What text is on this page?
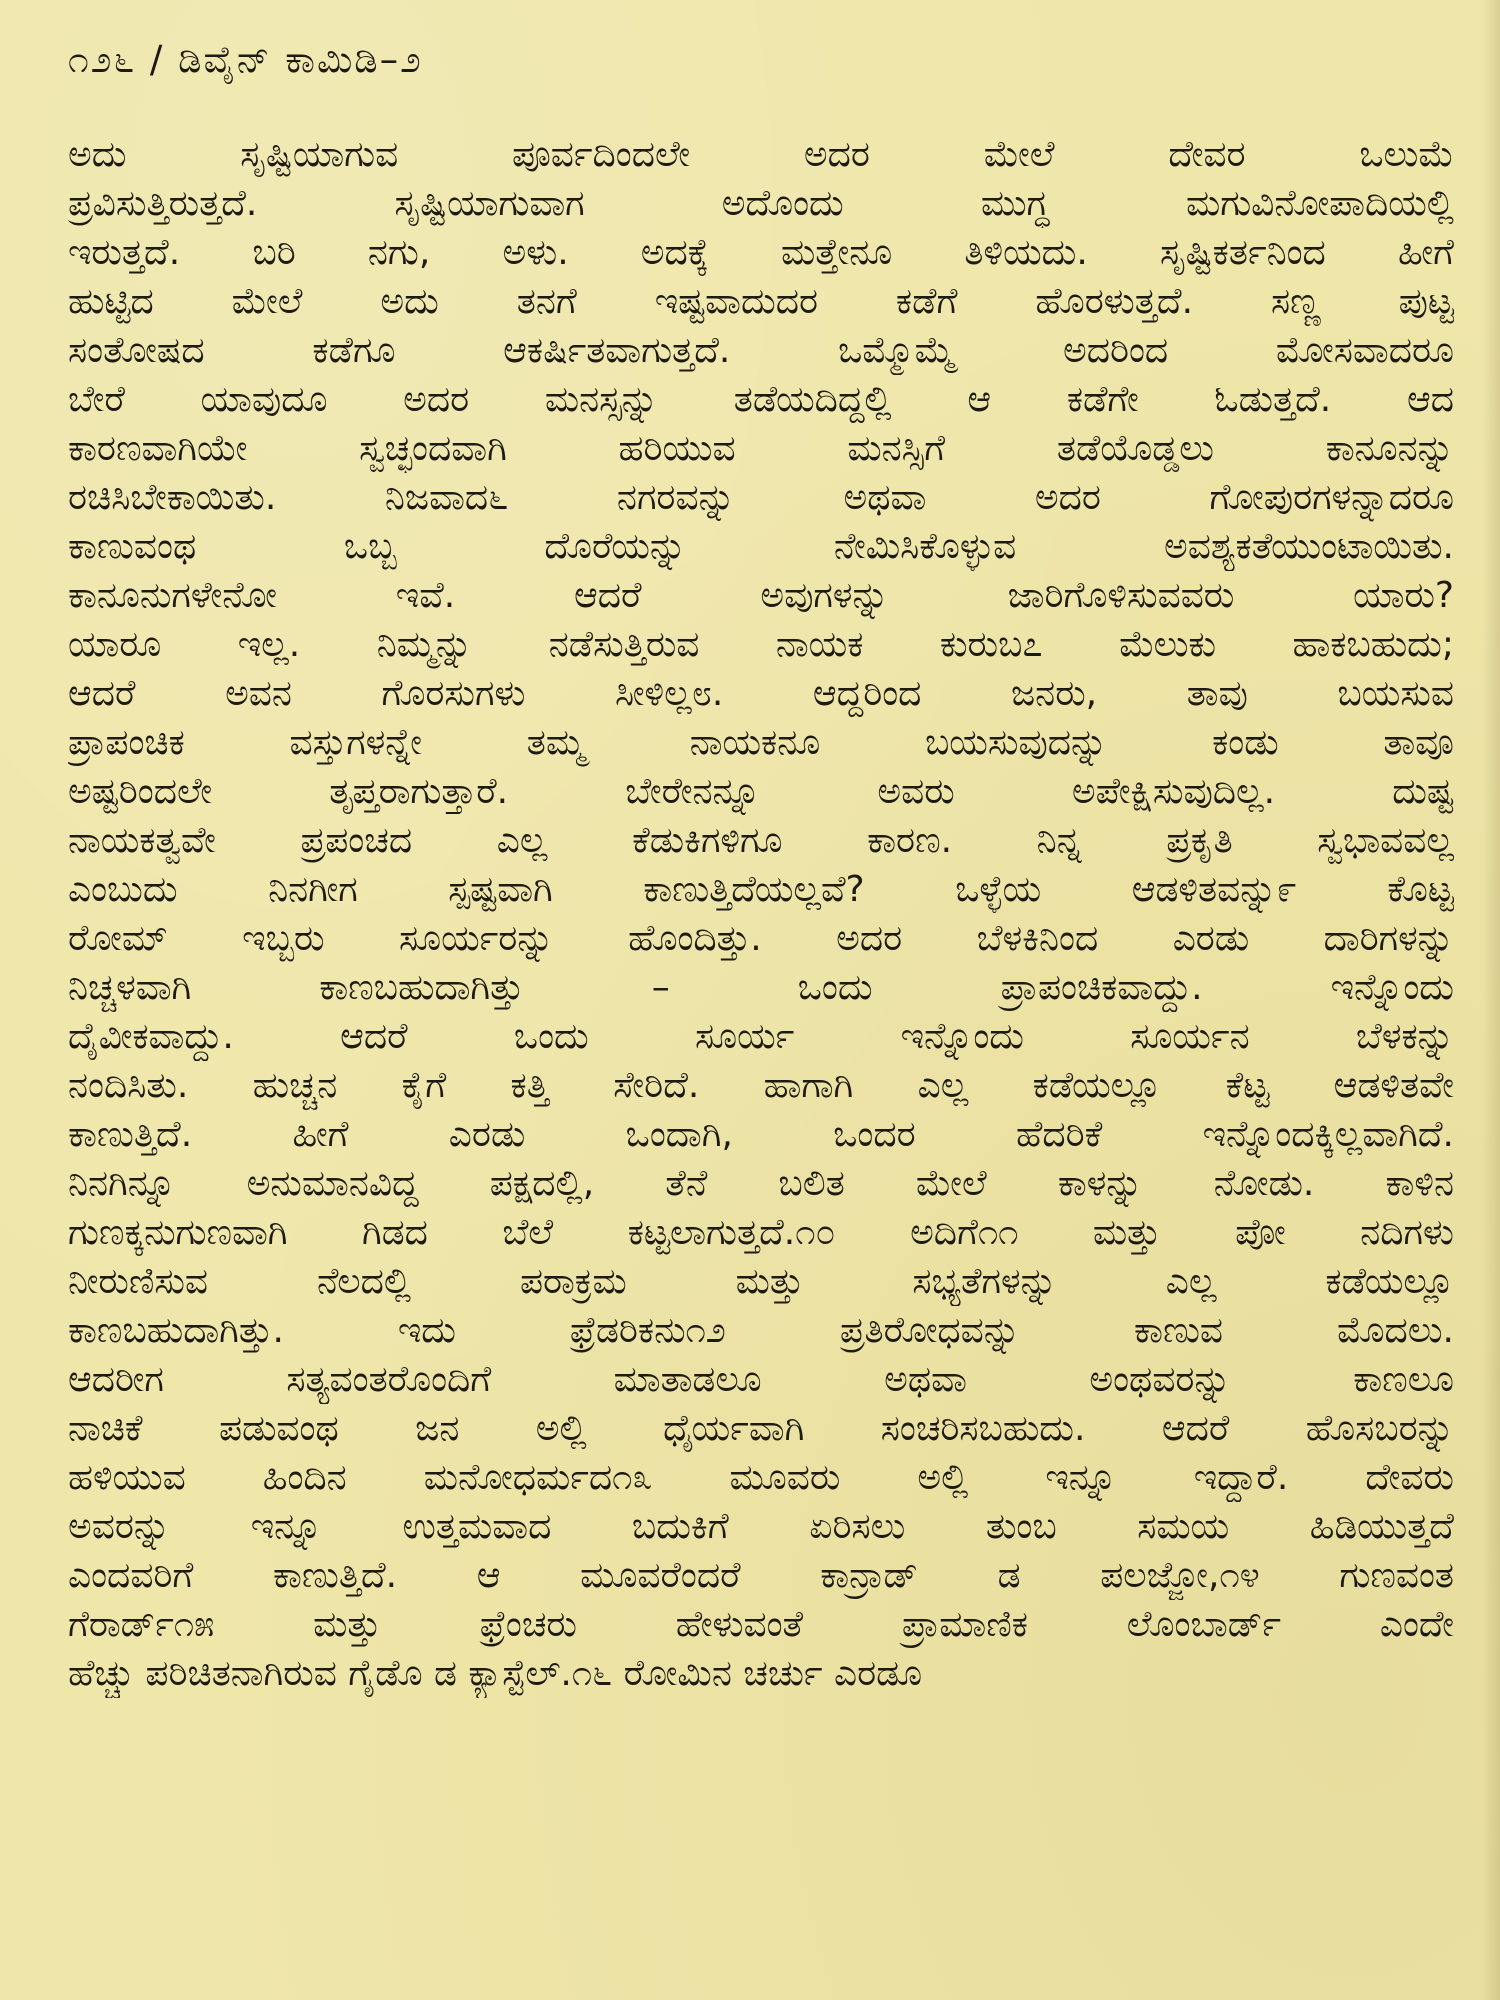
೧೨೬ / ಡಿವೈನ್ ಕಾಮಿಡಿ–೨
ಅದು ಸೃಷ್ಟಿಯಾಗುವ ಪೂರ್ವದಿಂದಲೇ ಅದರ ಮೇಲೆ ದೇವರ ಒಲುಮೆ
ಪ್ರವಿಸುತ್ತಿರುತ್ತದೆ. ಸೃಷ್ಟಿಯಾಗುವಾಗ ಅದೊಂದು ಮುಗ್ಧ ಮಗುವಿನೋಪಾದಿಯಲ್ಲಿ
ಇರುತ್ತದೆ. ಬರಿ ನಗು, ಅಳು. ಅದಕ್ಕೆ ಮತ್ತೇನೂ ತಿಳಿಯದು. ಸೃಷ್ಟಿಕರ್ತನಿಂದ ಹೀಗೆ
ಹುಟ್ಟಿದ ಮೇಲೆ ಅದು ತನಗೆ ಇಷ್ಟವಾದುದರ ಕಡೆಗೆ ಹೊರಳುತ್ತದೆ. ಸಣ್ಣ ಪುಟ್ಟ
ಸಂತೋಷದ ಕಡೆಗೂ ಆಕರ್ಷಿತವಾಗುತ್ತದೆ. ಒಮ್ಮೊಮ್ಮೆ ಅದರಿಂದ ಮೋಸವಾದರೂ
ಬೇರೆ ಯಾವುದೂ ಅದರ ಮನಸ್ಸನ್ನು ತಡೆಯದಿದ್ದಲ್ಲಿ ಆ ಕಡೆಗೇ ಓಡುತ್ತದೆ. ಆದ
ಕಾರಣವಾಗಿಯೇ ಸ್ವಚ್ಛಂದವಾಗಿ ಹರಿಯುವ ಮನಸ್ಸಿಗೆ ತಡೆಯೊಡ್ಡಲು ಕಾನೂನನ್ನು
ರಚಿಸಿಬೇಕಾಯಿತು. ನಿಜವಾದ೬ ನಗರವನ್ನು ಅಥವಾ ಅದರ ಗೋಪುರಗಳನ್ನಾದರೂ
ಕಾಣುವಂಥ ಒಬ್ಬ ದೊರೆಯನ್ನು ನೇಮಿಸಿಕೊಳ್ಳುವ ಅವಶ್ಯಕತೆಯುಂಟಾಯಿತು.
ಕಾನೂನುಗಳೇನೋ ಇವೆ. ಆದರೆ ಅವುಗಳನ್ನು ಜಾರಿಗೊಳಿಸುವವರು ಯಾರು?
ಯಾರೂ ಇಲ್ಲ. ನಿಮ್ಮನ್ನು ನಡೆಸುತ್ತಿರುವ ನಾಯಕ ಕುರುಬ೭ ಮೆಲುಕು ಹಾಕಬಹುದು;
ಆದರೆ ಅವನ ಗೊರಸುಗಳು ಸೀಳಿಲ್ಲ೮. ಆದ್ದರಿಂದ ಜನರು, ತಾವು ಬಯಸುವ
ಪ್ರಾಪಂಚಿಕ ವಸ್ತುಗಳನ್ನೇ ತಮ್ಮ ನಾಯಕನೂ ಬಯಸುವುದನ್ನು ಕಂಡು ತಾವೂ
ಅಷ್ಟರಿಂದಲೇ ತೃಪ್ತರಾಗುತ್ತಾರೆ. ಬೇರೇನನ್ನೂ ಅವರು ಅಪೇಕ್ಷಿಸುವುದಿಲ್ಲ. ದುಷ್ಟ
ನಾಯಕತ್ವವೇ ಪ್ರಪಂಚದ ಎಲ್ಲ ಕೆಡುಕಿಗಳಿಗೂ ಕಾರಣ. ನಿನ್ನ ಪ್ರಕೃತಿ ಸ್ವಭಾವವಲ್ಲ
ಎಂಬುದು ನಿನಗೀಗ ಸ್ಪಷ್ಟವಾಗಿ ಕಾಣುತ್ತಿದೆಯಲ್ಲವೆ? ಒಳ್ಳೆಯ ಆಡಳಿತವನ್ನು೯ ಕೊಟ್ಟ
ರೋಮ್ ಇಬ್ಬರು ಸೂರ್ಯರನ್ನು ಹೊಂದಿತ್ತು. ಅದರ ಬೆಳಕಿನಿಂದ ಎರಡು ದಾರಿಗಳನ್ನು
ನಿಚ್ಚಳವಾಗಿ ಕಾಣಬಹುದಾಗಿತ್ತು – ಒಂದು ಪ್ರಾಪಂಚಿಕವಾದ್ದು. ಇನ್ನೊಂದು
ದೈವೀಕವಾದ್ದು. ಆದರೆ ಒಂದು ಸೂರ್ಯ ಇನ್ನೊಂದು ಸೂರ್ಯನ ಬೆಳಕನ್ನು
ನಂದಿಸಿತು. ಹುಚ್ಚನ ಕೈಗೆ ಕತ್ತಿ ಸೇರಿದೆ. ಹಾಗಾಗಿ ಎಲ್ಲ ಕಡೆಯಲ್ಲೂ ಕೆಟ್ಟ ಆಡಳಿತವೇ
ಕಾಣುತ್ತಿದೆ. ಹೀಗೆ ಎರಡು ಒಂದಾಗಿ, ಒಂದರ ಹೆದರಿಕೆ ಇನ್ನೊಂದಕ್ಕಿಲ್ಲವಾಗಿದೆ.
ನಿನಗಿನ್ನೂ ಅನುಮಾನವಿದ್ದ ಪಕ್ಷದಲ್ಲಿ, ತೆನೆ ಬಲಿತ ಮೇಲೆ ಕಾಳನ್ನು ನೋಡು. ಕಾಳಿನ
ಗುಣಕ್ಕನುಗುಣವಾಗಿ ಗಿಡದ ಬೆಲೆ ಕಟ್ಟಲಾಗುತ್ತದೆ.೧೦ ಅದಿಗೆ೧೧ ಮತ್ತು ಪೋ ನದಿಗಳು
ನೀರುಣಿಸುವ ನೆಲದಲ್ಲಿ ಪರಾಕ್ರಮ ಮತ್ತು ಸಭ್ಯತೆಗಳನ್ನು ಎಲ್ಲ ಕಡೆಯಲ್ಲೂ
ಕಾಣಬಹುದಾಗಿತ್ತು. ಇದು ಫ್ರೆಡರಿಕನು೧೨ ಪ್ರತಿರೋಧವನ್ನು ಕಾಣುವ ಮೊದಲು.
ಆದರೀಗ ಸತ್ಯವಂತರೊಂದಿಗೆ ಮಾತಾಡಲೂ ಅಥವಾ ಅಂಥವರನ್ನು ಕಾಣಲೂ
ನಾಚಿಕೆ ಪಡುವಂಥ ಜನ ಅಲ್ಲಿ ಧೈರ್ಯವಾಗಿ ಸಂಚರಿಸಬಹುದು. ಆದರೆ ಹೊಸಬರನ್ನು
ಹಳಿಯುವ ಹಿಂದಿನ ಮನೋಧರ್ಮದ೧೩ ಮೂವರು ಅಲ್ಲಿ ಇನ್ನೂ ಇದ್ದಾರೆ. ದೇವರು
ಅವರನ್ನು ಇನ್ನೂ ಉತ್ತಮವಾದ ಬದುಕಿಗೆ ಏರಿಸಲು ತುಂಬ ಸಮಯ ಹಿಡಿಯುತ್ತದೆ
ಎಂದವರಿಗೆ ಕಾಣುತ್ತಿದೆ. ಆ ಮೂವರೆಂದರೆ ಕಾನ್ರಾಡ್ ಡ ಪಲಜ್ಜೋ,೧೪ ಗುಣವಂತ
ಗೆರಾರ್ಡ್೧೫ ಮತ್ತು ಫ್ರೆಂಚರು ಹೇಳುವಂತೆ ಪ್ರಾಮಾಣಿಕ ಲೊಂಬಾರ್ಡ್ ಎಂದೇ
ಹೆಚ್ಚು ಪರಿಚಿತನಾಗಿರುವ ಗೈಡೊ ಡ ಕ್ಯಾಸ್ಟೆಲ್.೧೬ ರೋಮಿನ ಚರ್ಚು ಎರಡೂ
